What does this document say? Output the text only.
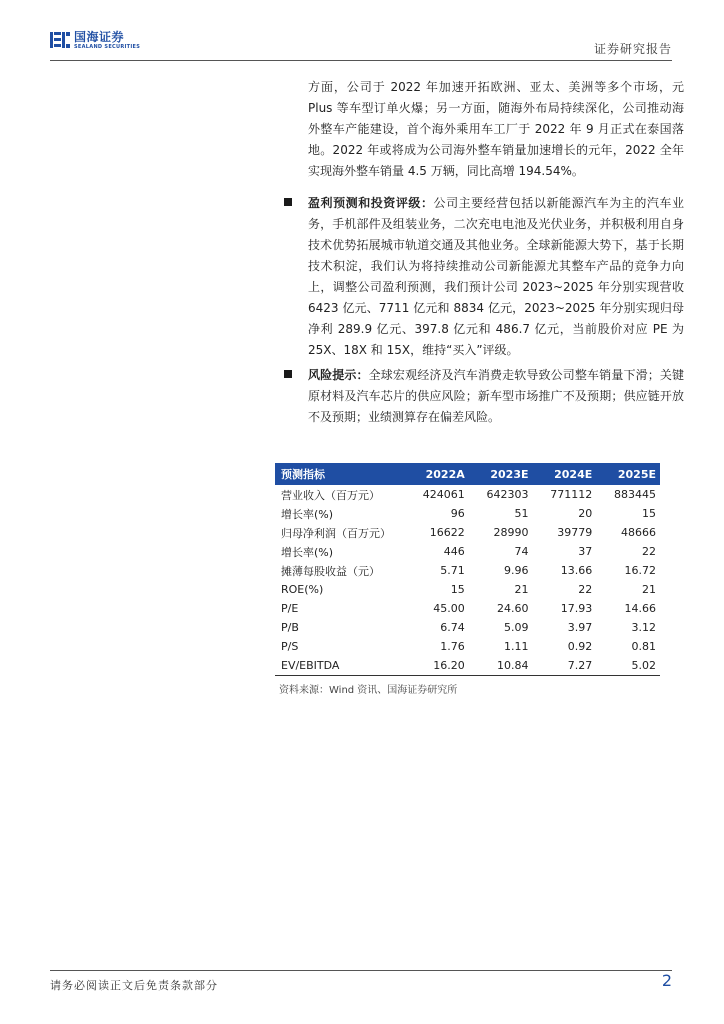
国海证券
SEALAND SECURITIES	证券研究报告
方面，公司于 2022 年加速开拓欧洲、亚太、美洲等多个市场，元 Plus 等车型订单火爆；另一方面，随海外布局持续深化，公司推动海外整车产能建设，首个海外乘用车工厂于 2022 年 9 月正式在泰国落地。2022 年或将成为公司海外整车销量加速增长的元年，2022 全年实现海外整车销量 4.5 万辆，同比高增 194.54%。
盈利预测和投资评级：公司主要经营包括以新能源汽车为主的汽车业务，手机部件及组装业务，二次充电电池及光伏业务，并积极利用自身技术优势拓展城市轨道交通及其他业务。全球新能源大势下，基于长期技术积淀，我们认为将持续推动公司新能源尤其整车产品的竞争力向上，调整公司盈利预测，我们预计公司 2023~2025 年分别实现营收 6423 亿元、7711 亿元和 8834 亿元，2023~2025 年分别实现归母净利 289.9 亿元、397.8 亿元和 486.7 亿元，当前股价对应 PE 为 25X、18X 和 15X，维持“买入”评级。
风险提示：全球宏观经济及汽车消费走软导致公司整车销量下滑；关键原材料及汽车芯片的供应风险；新车型市场推广不及预期；供应链开放不及预期；业绩测算存在偏差风险。
预测指标	2022A	2023E	2024E	2025E
营业收入（百万元）	424061	642303	771112	883445
增长率(%)	96	51	20	15
归母净利润（百万元）	16622	28990	39779	48666
增长率(%)	446	74	37	22
摊薄每股收益（元）	5.71	9.96	13.66	16.72
ROE(%)	15	21	22	21
P/E	45.00	24.60	17.93	14.66
P/B	6.74	5.09	3.97	3.12
P/S	1.76	1.11	0.92	0.81
EV/EBITDA	16.20	10.84	7.27	5.02
资料来源：Wind 资讯、国海证券研究所
请务必阅读正文后免责条款部分	2
